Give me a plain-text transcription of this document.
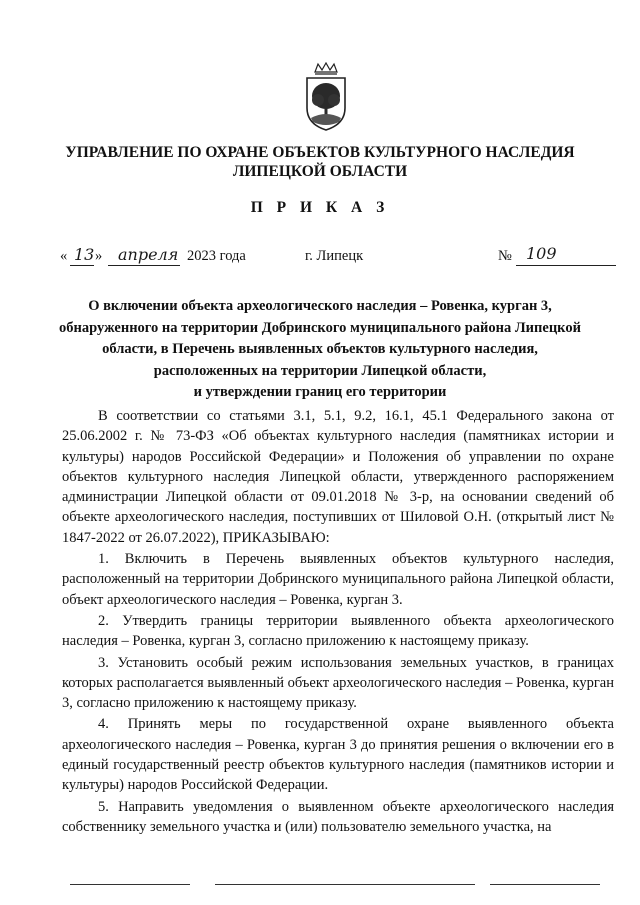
УПРАВЛЕНИЕ ПО ОХРАНЕ ОБЪЕКТОВ КУЛЬТУРНОГО НАСЛЕДИЯ
ЛИПЕЦКОЙ ОБЛАСТИ
П Р И К А З
« 13 » апреля 2023 года	г. Липецк	№ 109
О включении объекта археологического наследия – Ровенка, курган 3,
обнаруженного на территории Добринского муниципального района Липецкой
области, в Перечень выявленных объектов культурного наследия,
расположенных на территории Липецкой области,
и утверждении границ его территории

В соответствии со статьями 3.1, 5.1, 9.2, 16.1, 45.1 Федерального закона от 25.06.2002 г. № 73-ФЗ «Об объектах культурного наследия (памятниках истории и культуры) народов Российской Федерации» и Положения об управлении по охране объектов культурного наследия Липецкой области, утвержденного распоряжением администрации Липецкой области от 09.01.2018 № 3-р, на основании сведений об объекте археологического наследия, поступивших от Шиловой О.Н. (открытый лист № 1847-2022 от 26.07.2022), ПРИКАЗЫВАЮ:

1. Включить в Перечень выявленных объектов культурного наследия, расположенный на территории Добринского муниципального района Липецкой области, объект археологического наследия – Ровенка, курган 3.

2. Утвердить границы территории выявленного объекта археологического наследия – Ровенка, курган 3, согласно приложению к настоящему приказу.

3. Установить особый режим использования земельных участков, в границах которых располагается выявленный объект археологического наследия – Ровенка, курган 3, согласно приложению к настоящему приказу.

4. Принять меры по государственной охране выявленного объекта археологического наследия – Ровенка, курган 3 до принятия решения о включении его в единый государственный реестр объектов культурного наследия (памятников истории и культуры) народов Российской Федерации.

5. Направить уведомления о выявленном объекте археологического наследия собственнику земельного участка и (или) пользователю земельного участка, на
